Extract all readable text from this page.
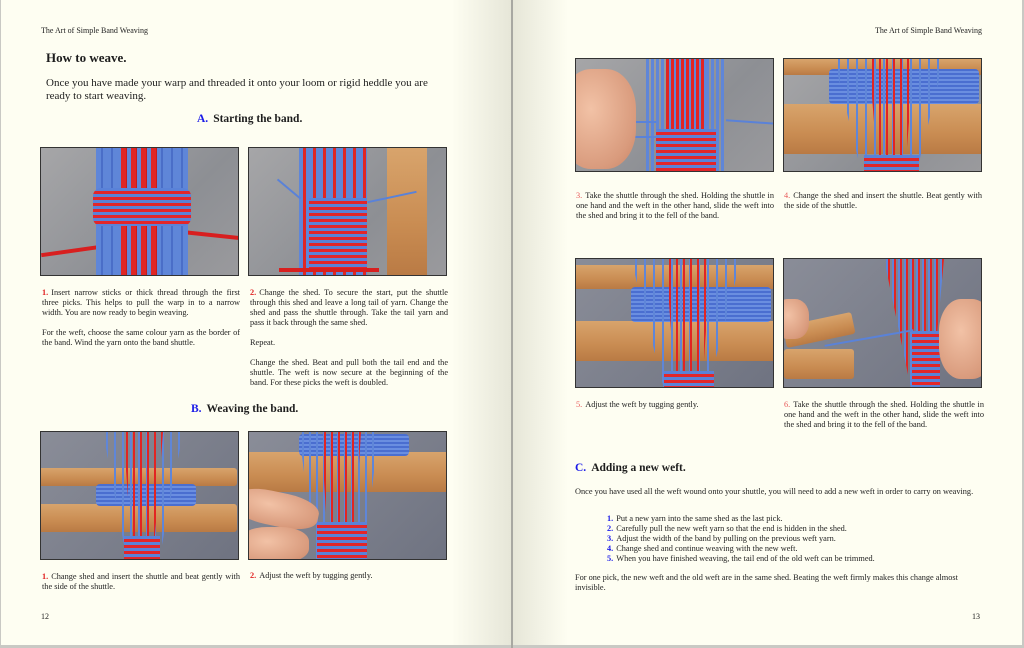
The Art of Simple Band Weaving
How to weave.

Once you have made your warp and threaded it onto your loom or rigid heddle you are ready to start weaving.

A. Starting the band.

1. Insert narrow sticks or thick thread through the first three picks. This helps to pull the warp in to a narrow width. You are now ready to begin weaving.

For the weft, choose the same colour yarn as the border of the band. Wind the yarn onto the band shuttle.

2. Change the shed. To secure the start, put the shuttle through this shed and leave a long tail of yarn. Change the shed and pass the shuttle through. Take the tail yarn and pass it back through the same shed.

Repeat.

Change the shed. Beat and pull both the tail end and the shuttle. The weft is now secure at the beginning of the band. For these picks the weft is doubled.

B. Weaving the band.

1. Change shed and insert the shuttle and beat gently with the side of the shuttle.

2. Adjust the weft by tugging gently.

12
The Art of Simple Band Weaving

3. Take the shuttle through the shed. Holding the shuttle in one hand and the weft in the other hand, slide the weft into the shed and bring it to the fell of the band.

4. Change the shed and insert the shuttle. Beat gently with the side of the shuttle.

5. Adjust the weft by tugging gently.	6. Take the shuttle through the shed. Holding the shuttle in one hand and the weft in the other hand, slide the weft into the shed and bring it to the fell of the band.

C. Adding a new weft.

Once you have used all the weft wound onto your shuttle, you will need to add a new weft in order to carry on weaving.

1. Put a new yarn into the same shed as the last pick.
2. Carefully pull the new weft yarn so that the end is hidden in the shed.
3. Adjust the width of the band by pulling on the previous weft yarn.
4. Change shed and continue weaving with the new weft.
5. When you have finished weaving, the tail end of the old weft can be trimmed.

For one pick, the new weft and the old weft are in the same shed. Beating the weft firmly makes this change almost invisible.

13
